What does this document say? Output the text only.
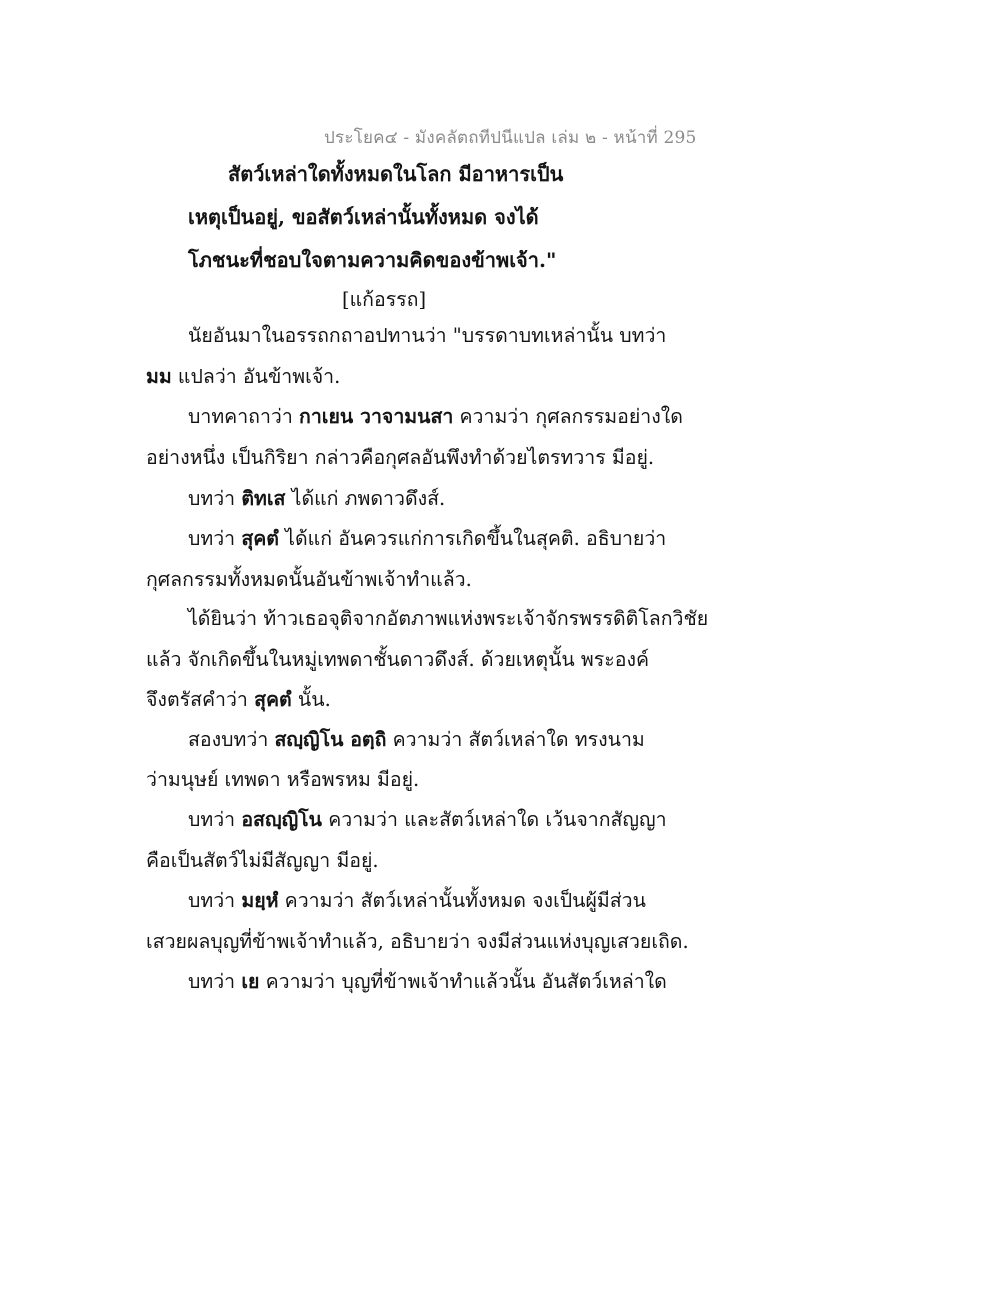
ประโยค๔ - มังคลัตถทีปนีแปล เล่ม ๒ - หน้าที่ 295
สัตว์เหล่าใดทั้งหมดในโลก มีอาหารเป็น
เหตุเป็นอยู่, ขอสัตว์เหล่านั้นทั้งหมด จงได้
โภชนะที่ชอบใจตามความคิดของข้าพเจ้า."
[แก้อรรถ]
นัยอันมาในอรรถกถาอปทานว่า "บรรดาบทเหล่านั้น บทว่า
มม แปลว่า อันข้าพเจ้า.
บาทคาถาว่า กาเยน วาจามนสา ความว่า กุศลกรรมอย่างใด
อย่างหนึ่ง เป็นกิริยา กล่าวคือกุศลอันพึงทำด้วยไตรทวาร มีอยู่.
บทว่า ติทเส ได้แก่ ภพดาวดึงส์.
บทว่า สุคตํ ได้แก่ อันควรแก่การเกิดขึ้นในสุคติ. อธิบายว่า
กุศลกรรมทั้งหมดนั้นอันข้าพเจ้าทำแล้ว.
ได้ยินว่า ท้าวเธอจุติจากอัตภาพแห่งพระเจ้าจักรพรรดิติโลกวิชัย
แล้ว จักเกิดขึ้นในหมู่เทพดาชั้นดาวดึงส์. ด้วยเหตุนั้น พระองค์
จึงตรัสคำว่า สุคตํ นั้น.
สองบทว่า สญฺญิโน อตฺถิ ความว่า สัตว์เหล่าใด ทรงนาม
ว่ามนุษย์ เทพดา หรือพรหม มีอยู่.
บทว่า อสญฺญิโน ความว่า และสัตว์เหล่าใด เว้นจากสัญญา
คือเป็นสัตว์ไม่มีสัญญา มีอยู่.
บทว่า มยฺหํ ความว่า สัตว์เหล่านั้นทั้งหมด จงเป็นผู้มีส่วน
เสวยผลบุญที่ข้าพเจ้าทำแล้ว, อธิบายว่า จงมีส่วนแห่งบุญเสวยเถิด.
บทว่า เย ความว่า บุญที่ข้าพเจ้าทำแล้วนั้น อันสัตว์เหล่าใด
